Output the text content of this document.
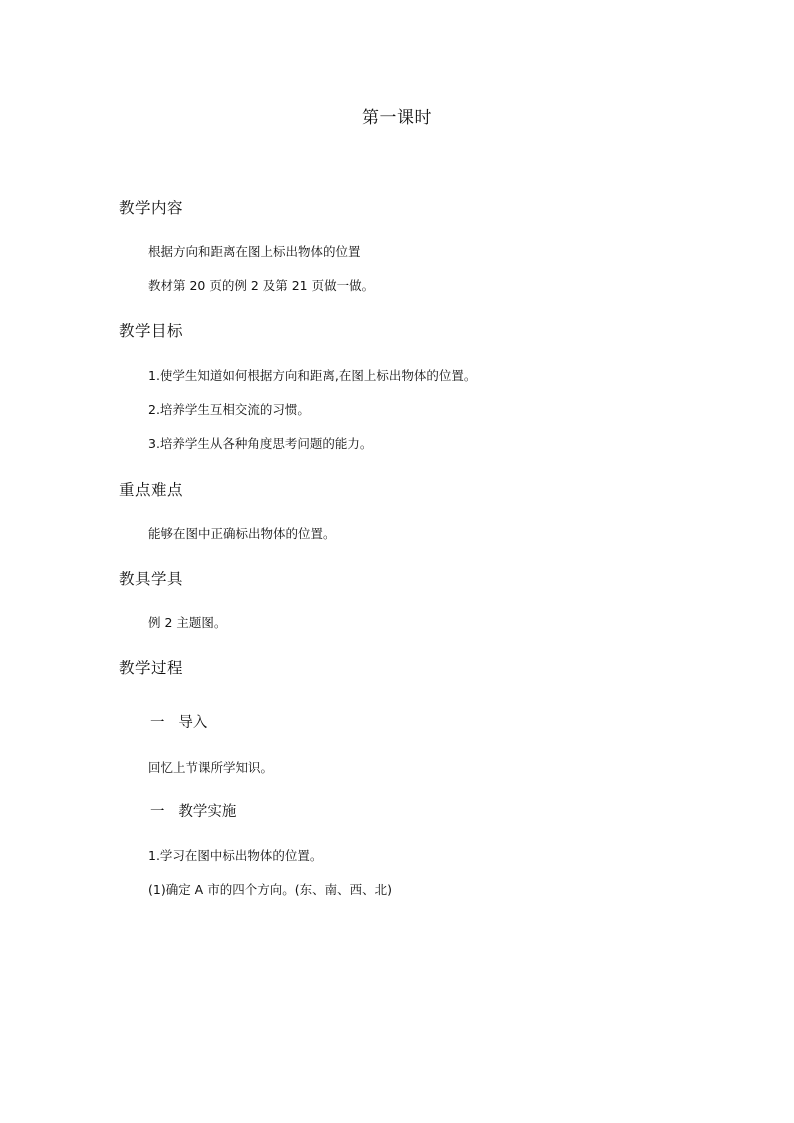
第一课时
教学内容
根据方向和距离在图上标出物体的位置
教材第 20 页的例 2 及第 21 页做一做。
教学目标
1.使学生知道如何根据方向和距离,在图上标出物体的位置。
2.培养学生互相交流的习惯。
3.培养学生从各种角度思考问题的能力。
重点难点
能够在图中正确标出物体的位置。
教具学具
例 2 主题图。
教学过程
一   导入
回忆上节课所学知识。
一   教学实施
1.学习在图中标出物体的位置。
(1)确定 A 市的四个方向。(东、南、西、北)
